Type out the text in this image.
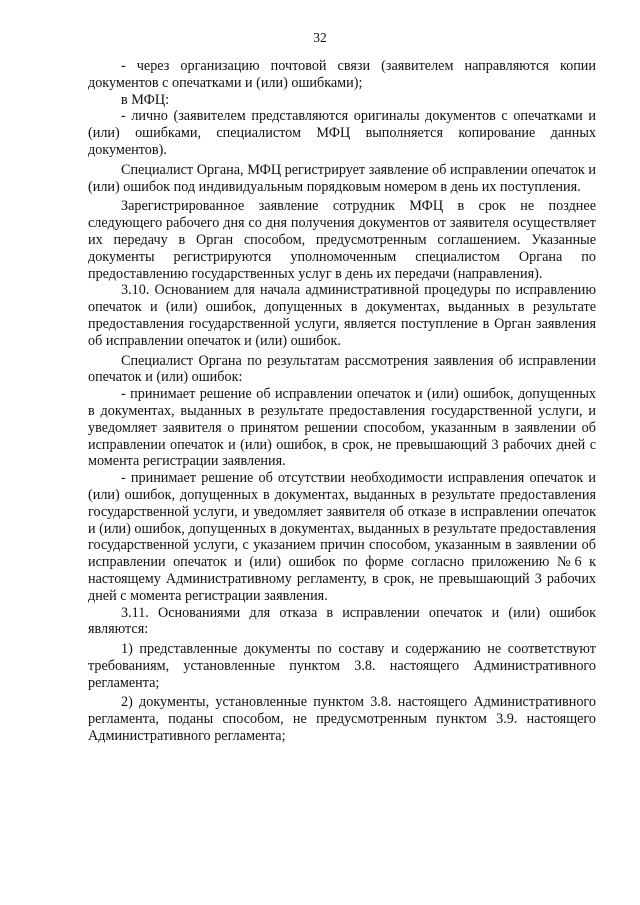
32

- через организацию почтовой связи (заявителем направляются копии документов с опечатками и (или) ошибками);

в МФЦ:

- лично (заявителем представляются оригиналы документов с опечатками и (или) ошибками, специалистом МФЦ выполняется копирование данных документов).

Специалист Органа, МФЦ регистрирует заявление об исправлении опечаток и (или) ошибок под индивидуальным порядковым номером в день их поступления.

Зарегистрированное заявление сотрудник МФЦ в срок не позднее следующего рабочего дня со дня получения документов от заявителя осуществляет их передачу в Орган способом, предусмотренным соглашением. Указанные документы регистрируются уполномоченным специалистом Органа по предоставлению государственных услуг в день их передачи (направления).

3.10. Основанием для начала административной процедуры по исправлению опечаток и (или) ошибок, допущенных в документах, выданных в результате предоставления государственной услуги, является поступление в Орган заявления об исправлении опечаток и (или) ошибок.

Специалист Органа по результатам рассмотрения заявления об исправлении опечаток и (или) ошибок:

- принимает решение об исправлении опечаток и (или) ошибок, допущенных в документах, выданных в результате предоставления государственной услуги, и уведомляет заявителя о принятом решении способом, указанным в заявлении об исправлении опечаток и (или) ошибок, в срок, не превышающий 3 рабочих дней с момента регистрации заявления.

- принимает решение об отсутствии необходимости исправления опечаток и (или) ошибок, допущенных в документах, выданных в результате предоставления государственной услуги, и уведомляет заявителя об отказе в исправлении опечаток и (или) ошибок, допущенных в документах, выданных в результате предоставления государственной услуги, с указанием причин способом, указанным в заявлении об исправлении опечаток и (или) ошибок по форме согласно приложению №6 к настоящему Административному регламенту, в срок, не превышающий 3 рабочих дней с момента регистрации заявления.

3.11. Основаниями для отказа в исправлении опечаток и (или) ошибок являются:

1) представленные документы по составу и содержанию не соответствуют требованиям, установленные пунктом 3.8. настоящего Административного регламента;

2) документы, установленные пунктом 3.8. настоящего Административного регламента, поданы способом, не предусмотренным пунктом 3.9. настоящего Административного регламента;
